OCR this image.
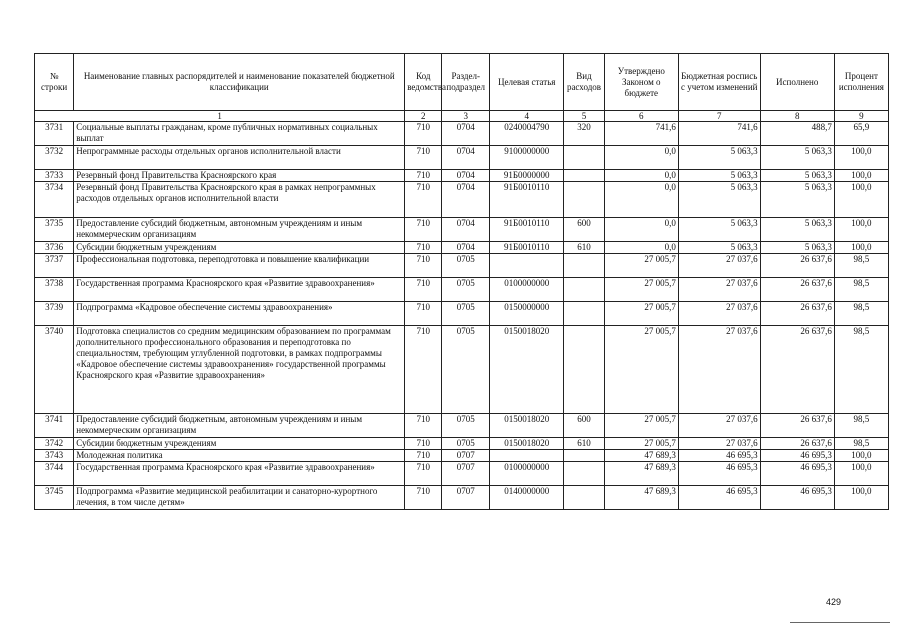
№ строки	Наименование главных распорядителей и наименование показателей бюджетной классификации	Код ведомства	Раздел-подраздел	Целевая статья	Вид расходов	Утверждено Законом о бюджете	Бюджетная роспись с учетом изменений	Исполнено	Процент исполнения
1		2	3	4	5	6	7	8	9
3731	Социальные выплаты гражданам, кроме публичных нормативных социальных выплат	710	0704	0240004790	320	741,6	741,6	488,7	65,9
3732	Непрограммные расходы отдельных органов исполнительной власти	710	0704	9100000000		0,0	5 063,3	5 063,3	100,0
3733	Резервный фонд Правительства Красноярского края	710	0704	91Б0000000		0,0	5 063,3	5 063,3	100,0
3734	Резервный фонд Правительства Красноярского края в рамках непрограммных расходов отдельных органов исполнительной власти	710	0704	91Б0010110		0,0	5 063,3	5 063,3	100,0
3735	Предоставление субсидий бюджетным, автономным учреждениям и иным некоммерческим организациям	710	0704	91Б0010110	600	0,0	5 063,3	5 063,3	100,0
3736	Субсидии бюджетным учреждениям	710	0704	91Б0010110	610	0,0	5 063,3	5 063,3	100,0
3737	Профессиональная подготовка, переподготовка и повышение квалификации	710	0705			27 005,7	27 037,6	26 637,6	98,5
3738	Государственная программа Красноярского края «Развитие здравоохранения»	710	0705	0100000000		27 005,7	27 037,6	26 637,6	98,5
3739	Подпрограмма «Кадровое обеспечение системы здравоохранения»	710	0705	0150000000		27 005,7	27 037,6	26 637,6	98,5
3740	Подготовка специалистов со средним медицинским образованием по программам дополнительного профессионального образования и переподготовка по специальностям, требующим углубленной подготовки, в рамках подпрограммы «Кадровое обеспечение системы здравоохранения» государственной программы Красноярского края «Развитие здравоохранения»	710	0705	0150018020		27 005,7	27 037,6	26 637,6	98,5
3741	Предоставление субсидий бюджетным, автономным учреждениям и иным некоммерческим организациям	710	0705	0150018020	600	27 005,7	27 037,6	26 637,6	98,5
3742	Субсидии бюджетным учреждениям	710	0705	0150018020	610	27 005,7	27 037,6	26 637,6	98,5
3743	Молодежная политика	710	0707			47 689,3	46 695,3	46 695,3	100,0
3744	Государственная программа Красноярского края «Развитие здравоохранения»	710	0707	0100000000		47 689,3	46 695,3	46 695,3	100,0
3745	Подпрограмма «Развитие медицинской реабилитации и санаторно-курортного лечения, в том числе детям»	710	0707	0140000000		47 689,3	46 695,3	46 695,3	100,0
429
